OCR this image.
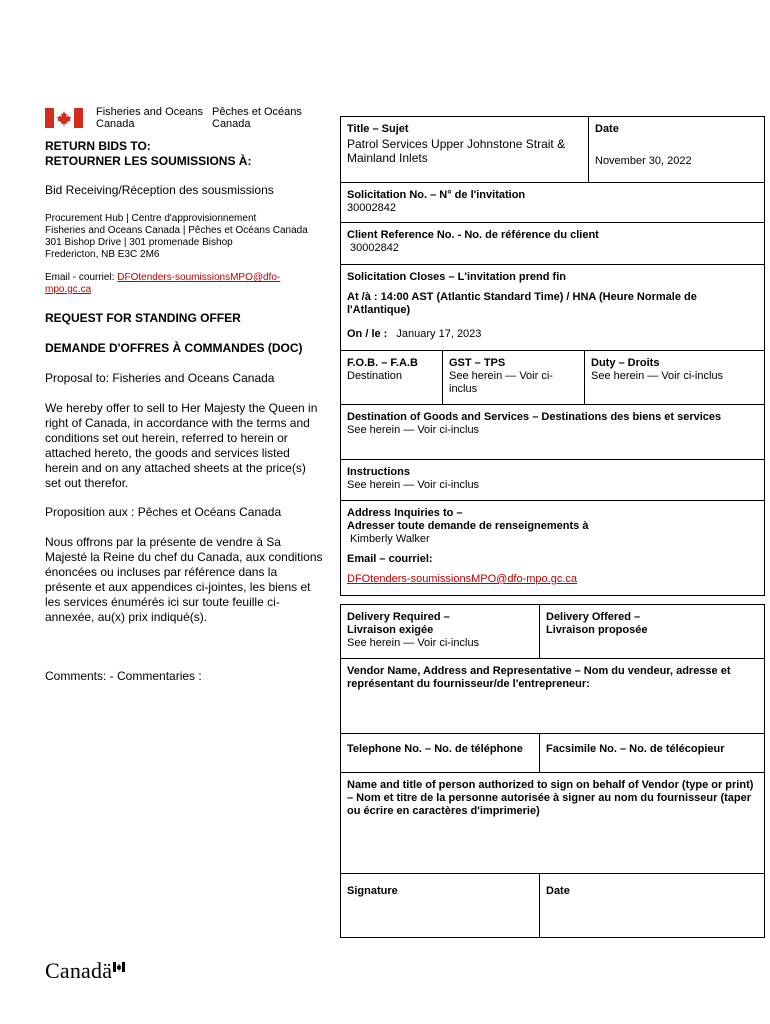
Fisheries and Oceans
Canada
Pêches et Océans
Canada
RETURN BIDS TO:
RETOURNER LES SOUMISSIONS À:
Bid Receiving/Réception des sousmissions
Procurement Hub | Centre d'approvisionnement
Fisheries and Oceans Canada | Pêches et Océans Canada
301 Bishop Drive | 301 promenade Bishop
Fredericton, NB E3C 2M6
Email - courriel: DFOtenders-soumissionsMPO@dfo-
mpo.gc.ca
REQUEST FOR STANDING OFFER
DEMANDE D'OFFRES À COMMANDES (DOC)
Proposal to: Fisheries and Oceans Canada
We hereby offer to sell to Her Majesty the Queen in right of Canada, in accordance with the terms and conditions set out herein, referred to herein or attached hereto, the goods and services listed herein and on any attached sheets at the price(s) set out therefor.
Proposition aux : Pêches et Océans Canada
Nous offrons par la présente de vendre à Sa Majesté la Reine du chef du Canada, aux conditions énoncées ou incluses par référence dans la présente et aux appendices ci-jointes, les biens et les services énumérés ici sur toute feuille ci-annexée, au(x) prix indiqué(s).
Comments: - Commentaries :
Title – Sujet
Patrol Services Upper Johnstone Strait & Mainland Inlets
Date
November 30, 2022
Solicitation No. – N° de l'invitation
30002842
Client Reference No. - No. de référence du client
30002842
Solicitation Closes – L'invitation prend fin
At /à : 14:00 AST (Atlantic Standard Time) / HNA (Heure Normale de l'Atlantique)
On / le : January 17, 2023
F.O.B. – F.A.B
Destination
GST – TPS
See herein — Voir ci-inclus
Duty – Droits
See herein — Voir ci-inclus
Destination of Goods and Services – Destinations des biens et services
See herein — Voir ci-inclus
Instructions
See herein — Voir ci-inclus
Address Inquiries to –
Adresser toute demande de renseignements à
Kimberly Walker
Email – courriel:
DFOtenders-soumissionsMPO@dfo-mpo.gc.ca
Delivery Required –
Livraison exigée
See herein — Voir ci-inclus
Delivery Offered –
Livraison proposée
Vendor Name, Address and Representative – Nom du vendeur, adresse et représentant du fournisseur/de l'entrepreneur:
Telephone No. – No. de téléphone	Facsimile No. – No. de télécopieur
Name and title of person authorized to sign on behalf of Vendor (type or print) – Nom et titre de la personne autorisée à signer au nom du fournisseur (taper ou écrire en caractères d'imprimerie)
Signature	Date
Canadä
